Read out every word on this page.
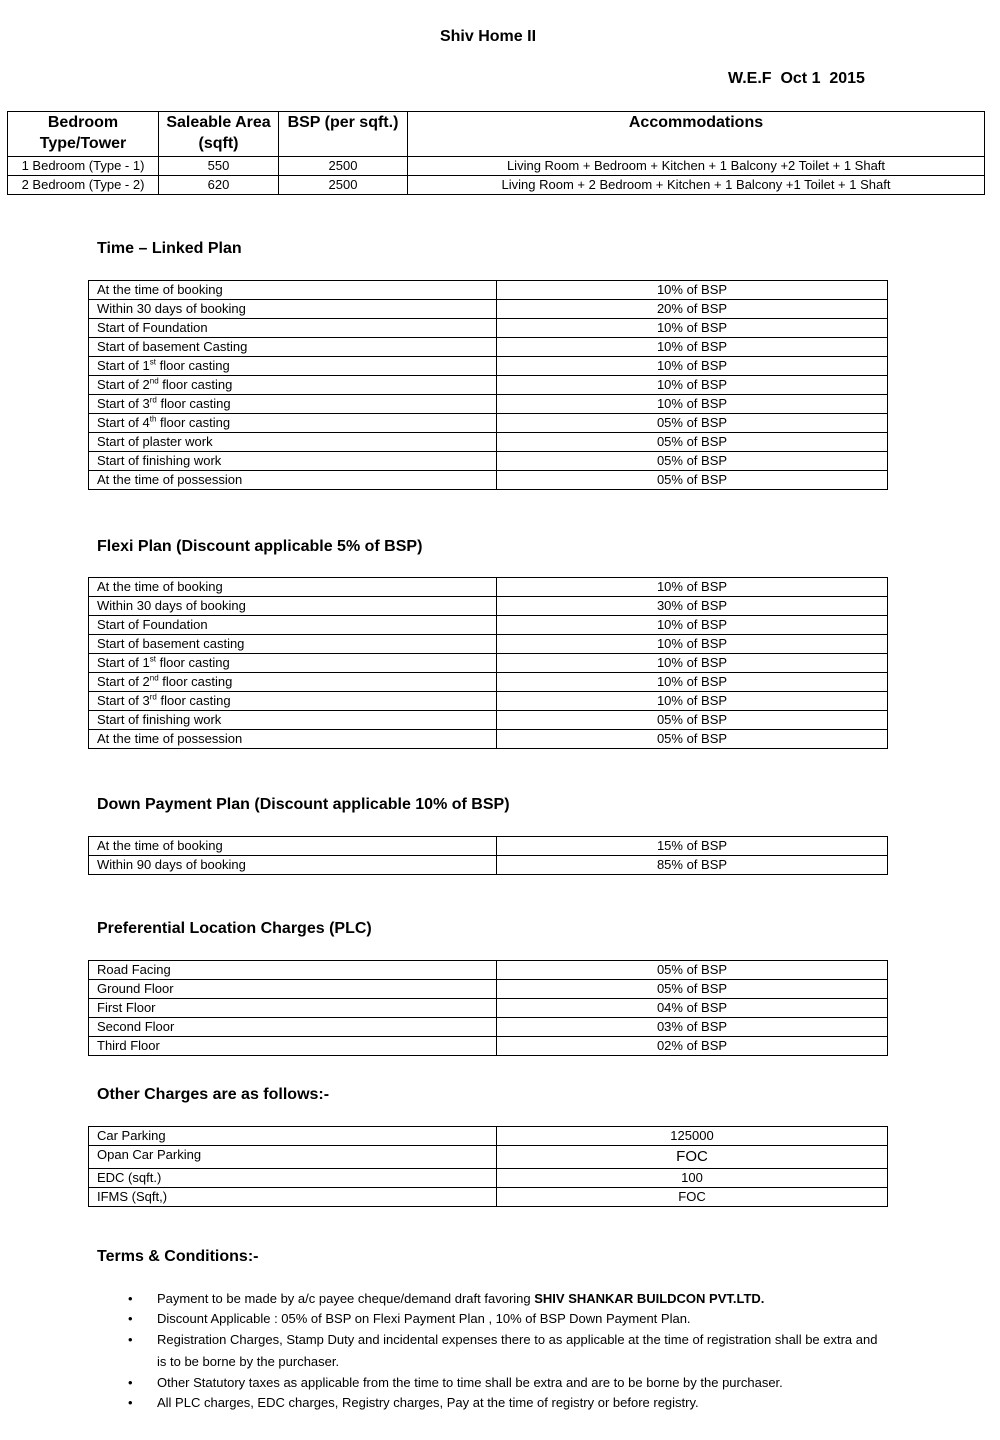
Shiv Home II
W.E.F  Oct 1  2015
Bedroom Type/Tower	Saleable Area (sqft)	BSP (per sqft.)	Accommodations
1 Bedroom (Type - 1)	550	2500	Living Room + Bedroom + Kitchen + 1 Balcony +2 Toilet + 1 Shaft
2 Bedroom (Type - 2)	620	2500	Living Room + 2 Bedroom + Kitchen + 1 Balcony +1 Toilet + 1 Shaft
Time – Linked Plan
At the time of booking	10% of BSP
Within 30 days of booking	20% of BSP
Start of Foundation	10% of BSP
Start of basement Casting	10% of BSP
Start of 1st floor casting	10% of BSP
Start of 2nd floor casting	10% of BSP
Start of 3rd floor casting	10% of BSP
Start of 4th floor casting	05% of BSP
Start of plaster work	05% of BSP
Start of finishing work	05% of BSP
At the time of possession	05% of BSP
Flexi Plan (Discount applicable 5% of BSP)
At the time of booking	10% of BSP
Within 30 days of booking	30% of BSP
Start of Foundation	10% of BSP
Start of basement casting	10% of BSP
Start of 1st floor casting	10% of BSP
Start of 2nd floor casting	10% of BSP
Start of 3rd floor casting	10% of BSP
Start of finishing work	05% of BSP
At the time of possession	05% of BSP
Down Payment Plan (Discount applicable 10% of BSP)
At the time of booking	15% of BSP
Within 90 days of booking	85% of BSP
Preferential Location Charges (PLC)
Road Facing	05% of BSP
Ground Floor	05% of BSP
First Floor	04% of BSP
Second Floor	03% of BSP
Third Floor	02% of BSP
Other Charges are as follows:-
Car Parking	125000
Opan Car Parking	FOC
EDC (sqft.)	100
IFMS (Sqft,)	FOC
Terms & Conditions:-
• Payment to be made by a/c payee cheque/demand draft favoring SHIV SHANKAR BUILDCON PVT.LTD.
• Discount Applicable : 05% of BSP on Flexi Payment Plan , 10% of BSP Down Payment Plan.
• Registration Charges, Stamp Duty and incidental expenses there to as applicable at the time of registration shall be extra and is to be borne by the purchaser.
• Other Statutory taxes as applicable from the time to time shall be extra and are to be borne by the purchaser.
• All PLC charges, EDC charges, Registry charges, Pay at the time of registry or before registry.
